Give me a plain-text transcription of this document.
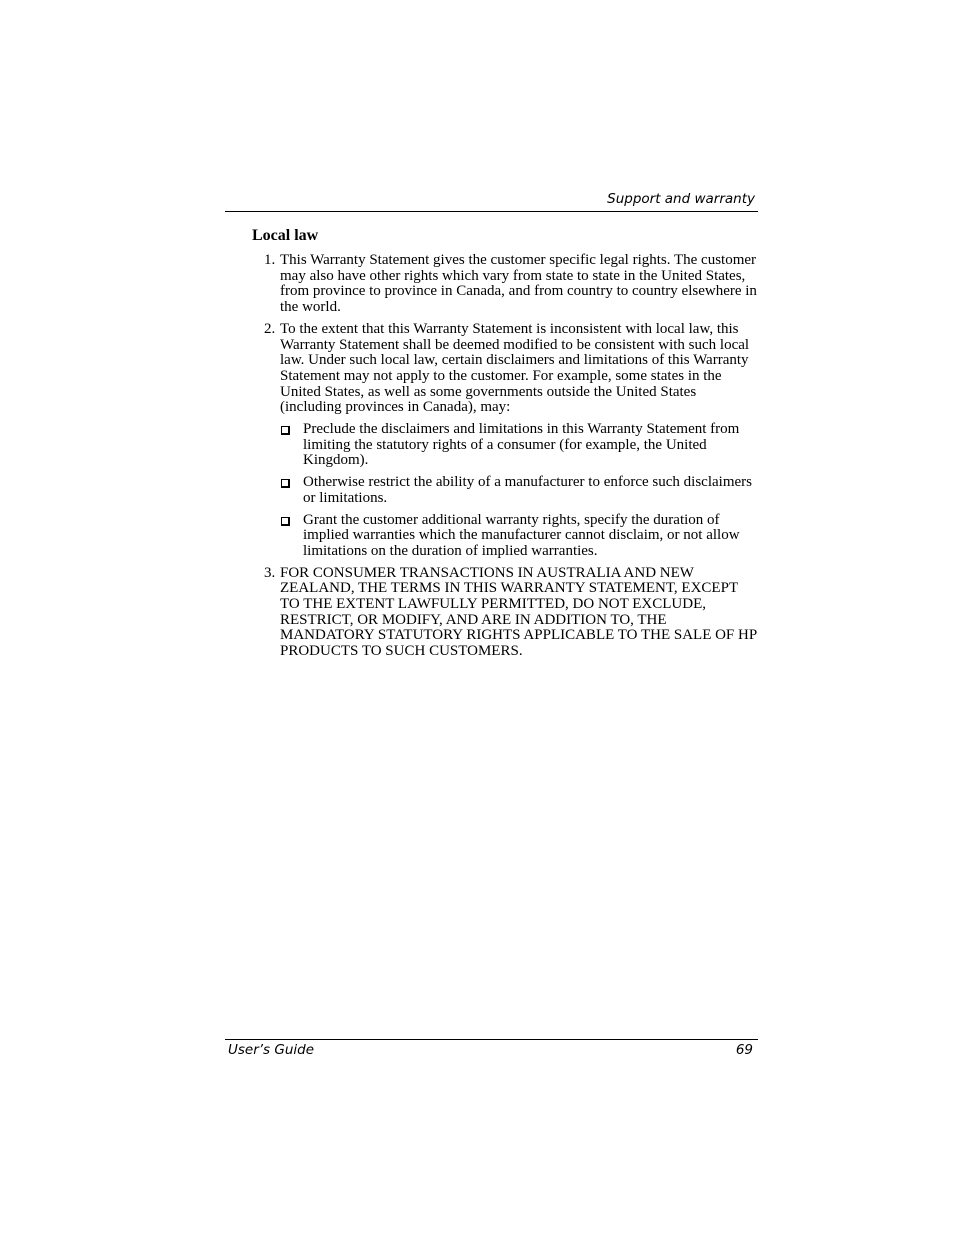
Support and warranty
Local law
1. This Warranty Statement gives the customer specific legal rights. The customer may also have other rights which vary from state to state in the United States, from province to province in Canada, and from country to country elsewhere in the world.
2. To the extent that this Warranty Statement is inconsistent with local law, this Warranty Statement shall be deemed modified to be consistent with such local law. Under such local law, certain disclaimers and limitations of this Warranty Statement may not apply to the customer. For example, some states in the United States, as well as some governments outside the United States (including provinces in Canada), may:
Preclude the disclaimers and limitations in this Warranty Statement from limiting the statutory rights of a consumer (for example, the United Kingdom).
Otherwise restrict the ability of a manufacturer to enforce such disclaimers or limitations.
Grant the customer additional warranty rights, specify the duration of implied warranties which the manufacturer cannot disclaim, or not allow limitations on the duration of implied warranties.
3. FOR CONSUMER TRANSACTIONS IN AUSTRALIA AND NEW ZEALAND, THE TERMS IN THIS WARRANTY STATEMENT, EXCEPT TO THE EXTENT LAWFULLY PERMITTED, DO NOT EXCLUDE, RESTRICT, OR MODIFY, AND ARE IN ADDITION TO, THE MANDATORY STATUTORY RIGHTS APPLICABLE TO THE SALE OF HP PRODUCTS TO SUCH CUSTOMERS.
User’s Guide	69
